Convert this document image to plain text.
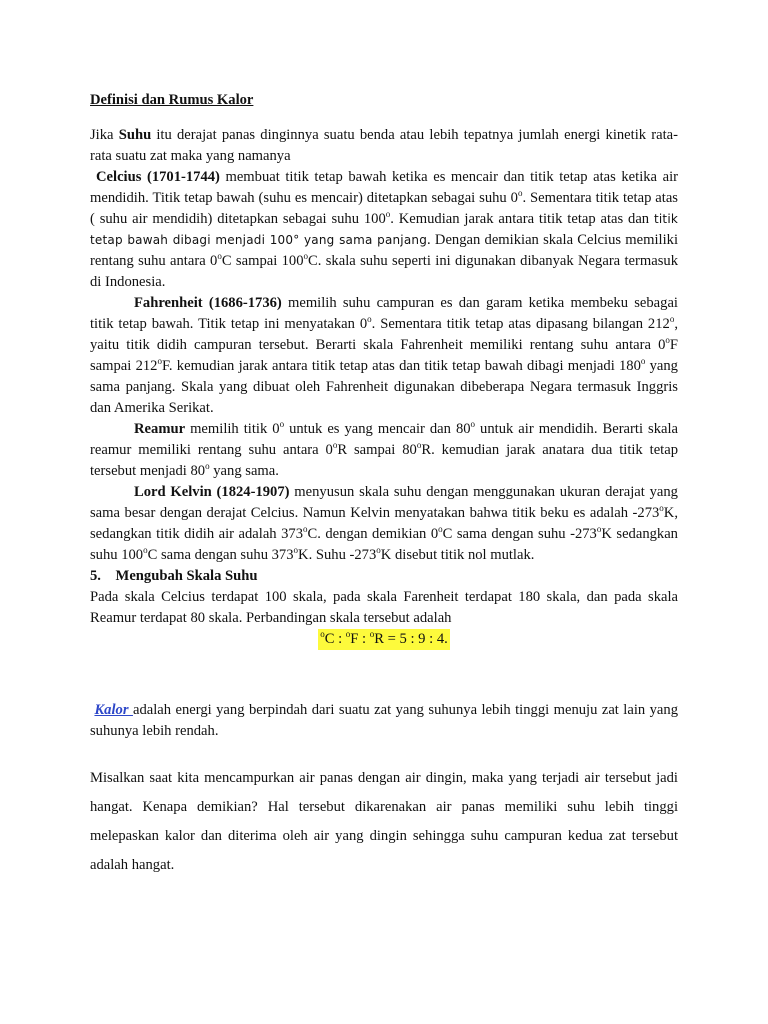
Definisi dan Rumus Kalor

Jika Suhu itu derajat panas dinginnya suatu benda atau lebih tepatnya jumlah energi kinetik rata-rata suatu zat maka yang namanya

Celcius (1701-1744) membuat titik tetap bawah ketika es mencair dan titik tetap atas ketika air mendidih. Titik tetap bawah (suhu es mencair) ditetapkan sebagai suhu 0$^o$. Sementara titik tetap atas ( suhu air mendidih) ditetapkan sebagai suhu 100$^o$. Kemudian jarak antara titik tetap atas dan titik tetap bawah dibagi menjadi 100° yang sama panjang. Dengan demikian skala Celcius memiliki rentang suhu antara 0$^o$C sampai 100$^o$C. skala suhu seperti ini digunakan dibanyak Negara termasuk di Indonesia.

Fahrenheit (1686-1736) memilih suhu campuran es dan garam ketika membeku sebagai titik tetap bawah. Titik tetap ini menyatakan 0$^o$. Sementara titik tetap atas dipasang bilangan 212$^o$, yaitu titik didih campuran tersebut. Berarti skala Fahrenheit memiliki rentang suhu antara 0$^o$F sampai 212$^o$F. kemudian jarak antara titik tetap atas dan titik tetap bawah dibagi menjadi 180$^o$ yang sama panjang. Skala yang dibuat oleh Fahrenheit digunakan dibeberapa Negara termasuk Inggris dan Amerika Serikat.

Reamur memilih titik 0$^o$ untuk es yang mencair dan 80$^o$ untuk air mendidih. Berarti skala reamur memiliki rentang suhu antara 0$^o$R sampai 80$^o$R. kemudian jarak anatara dua titik tetap tersebut menjadi 80$^o$ yang sama.

Lord Kelvin (1824-1907) menyusun skala suhu dengan menggunakan ukuran derajat yang sama besar dengan derajat Celcius. Namun Kelvin menyatakan bahwa titik beku es adalah -273$^o$K, sedangkan titik didih air adalah 373$^o$C. dengan demikian 0$^o$C sama dengan suhu -273$^o$K sedangkan suhu 100$^o$C sama dengan suhu 373$^o$K. Suhu -273$^o$K disebut titik nol mutlak.

5. Mengubah Skala Suhu

Pada skala Celcius terdapat 100 skala, pada skala Farenheit terdapat 180 skala, dan pada skala Reamur terdapat 80 skala. Perbandingan skala tersebut adalah

$^o$C : $^o$F : $^o$R = 5 : 9 : 4.

Kalor adalah energi yang berpindah dari suatu zat yang suhunya lebih tinggi menuju zat lain yang suhunya lebih rendah.

Misalkan saat kita mencampurkan air panas dengan air dingin, maka yang terjadi air tersebut jadi hangat. Kenapa demikian? Hal tersebut dikarenakan air panas memiliki suhu lebih tinggi melepaskan kalor dan diterima oleh air yang dingin sehingga suhu campuran kedua zat tersebut adalah hangat.
